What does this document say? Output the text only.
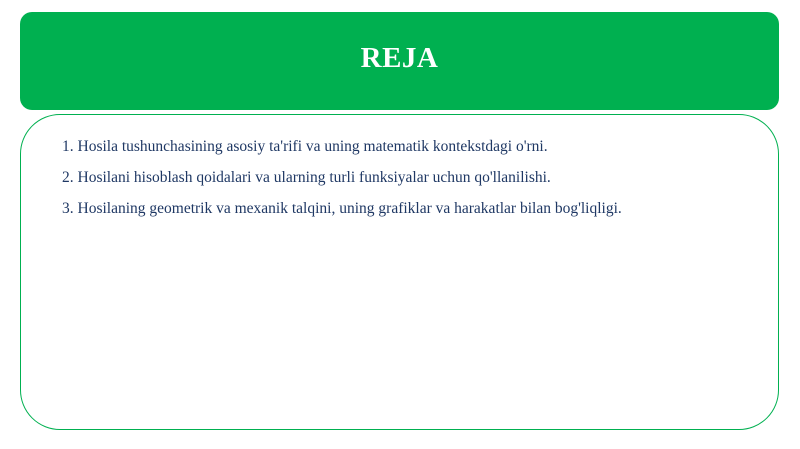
REJA
1. Hosila tushunchasining asosiy ta'rifi va uning matematik kontekstdagi o'rni.
2. Hosilani hisoblash qoidalari va ularning turli funksiyalar uchun qo'llanilishi.
3. Hosilaning geometrik va mexanik talqini, uning grafiklar va harakatlar bilan bog'liqligi.
